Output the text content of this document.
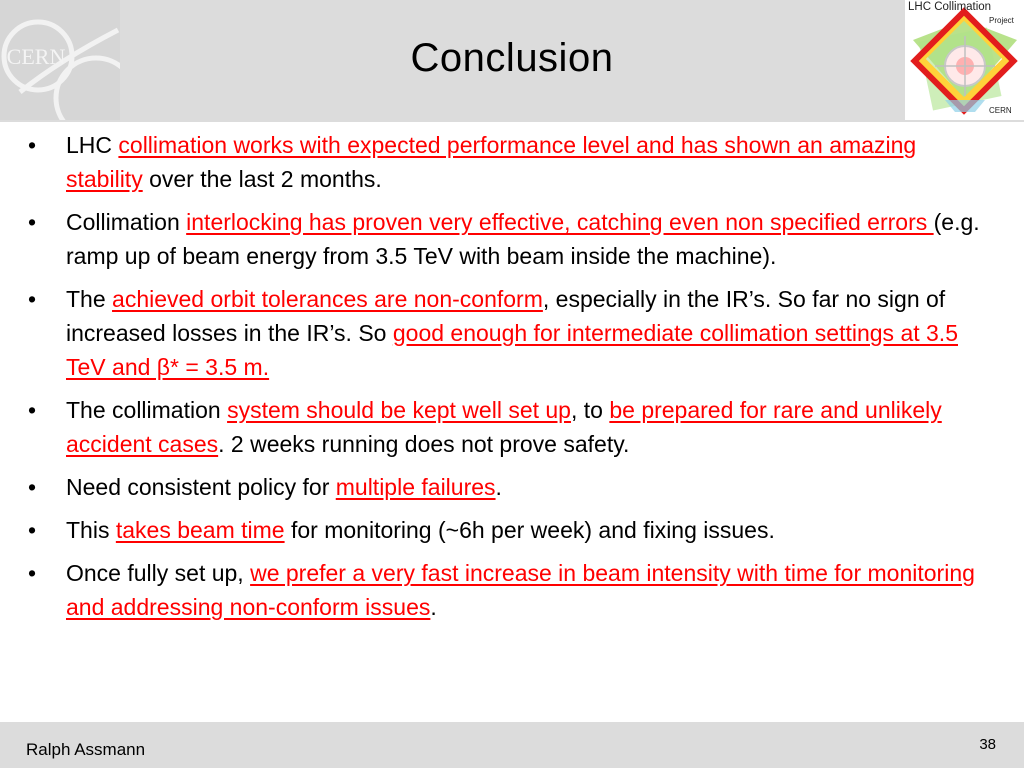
CERN	Conclusion
LHC Collimation
Project
CERN
• LHC collimation works with expected performance level and has shown an amazing stability over the last 2 months.
• Collimation interlocking has proven very effective, catching even non specified errors (e.g. ramp up of beam energy from 3.5 TeV with beam inside the machine).
• The achieved orbit tolerances are non-conform, especially in the IR’s. So far no sign of increased losses in the IR’s. So good enough for intermediate collimation settings at 3.5 TeV and β* = 3.5 m.
• The collimation system should be kept well set up, to be prepared for rare and unlikely accident cases. 2 weeks running does not prove safety.
• Need consistent policy for multiple failures.
• This takes beam time for monitoring (~6h per week) and fixing issues.
• Once fully set up, we prefer a very fast increase in beam intensity with time for monitoring and addressing non-conform issues.
Ralph Assmann	38
